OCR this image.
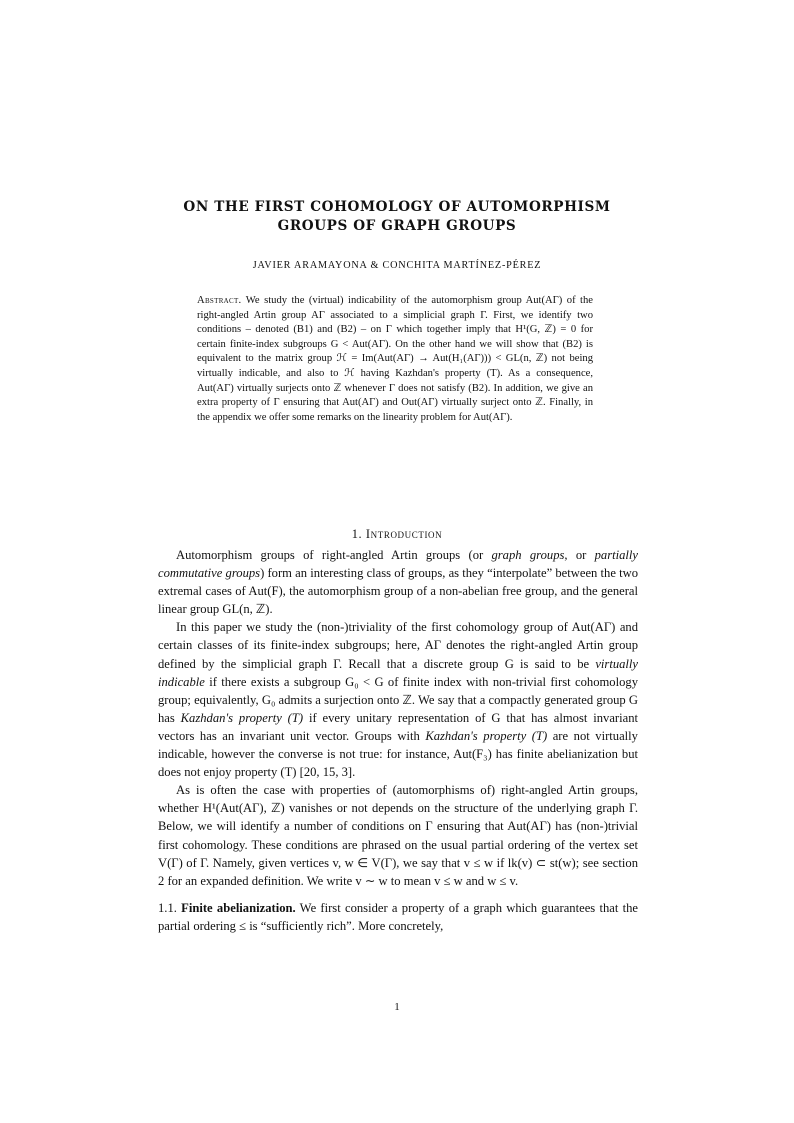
ON THE FIRST COHOMOLOGY OF AUTOMORPHISM
GROUPS OF GRAPH GROUPS
JAVIER ARAMAYONA & CONCHITA MARTÍNEZ-PÉREZ
Abstract. We study the (virtual) indicability of the automorphism group Aut(AΓ) of the right-angled Artin group AΓ associated to a simplicial graph Γ. First, we identify two conditions – denoted (B1) and (B2) – on Γ which together imply that H¹(G, ℤ) = 0 for certain finite-index subgroups G < Aut(AΓ). On the other hand we will show that (B2) is equivalent to the matrix group ℋ = Im(Aut(AΓ) → Aut(H₁(AΓ))) < GL(n, ℤ) not being virtually indicable, and also to ℋ having Kazhdan's property (T). As a consequence, Aut(AΓ) virtually surjects onto ℤ whenever Γ does not satisfy (B2). In addition, we give an extra property of Γ ensuring that Aut(AΓ) and Out(AΓ) virtually surject onto ℤ. Finally, in the appendix we offer some remarks on the linearity problem for Aut(AΓ).
1. Introduction

Automorphism groups of right-angled Artin groups (or graph groups, or partially commutative groups) form an interesting class of groups, as they “interpolate” between the two extremal cases of Aut(F), the automorphism group of a non-abelian free group, and the general linear group GL(n, ℤ).

In this paper we study the (non-)triviality of the first cohomology group of Aut(AΓ) and certain classes of its finite-index subgroups; here, AΓ denotes the right-angled Artin group defined by the simplicial graph Γ. Recall that a discrete group G is said to be virtually indicable if there exists a subgroup G₀ < G of finite index with non-trivial first cohomology group; equivalently, G₀ admits a surjection onto ℤ. We say that a compactly generated group G has Kazhdan's property (T) if every unitary representation of G that has almost invariant vectors has an invariant unit vector. Groups with Kazhdan's property (T) are not virtually indicable, however the converse is not true: for instance, Aut(F₃) has finite abelianization but does not enjoy property (T) [20, 15, 3].

As is often the case with properties of (automorphisms of) right-angled Artin groups, whether H¹(Aut(AΓ), ℤ) vanishes or not depends on the structure of the underlying graph Γ. Below, we will identify a number of conditions on Γ ensuring that Aut(AΓ) has (non-)trivial first cohomology. These conditions are phrased on the usual partial ordering of the vertex set V(Γ) of Γ. Namely, given vertices v, w ∈ V(Γ), we say that v ≤ w if lk(v) ⊂ st(w); see section 2 for an expanded definition. We write v ∼ w to mean v ≤ w and w ≤ v.

1.1. Finite abelianization. We first consider a property of a graph which guarantees that the partial ordering ≤ is “sufficiently rich”. More concretely,

1
